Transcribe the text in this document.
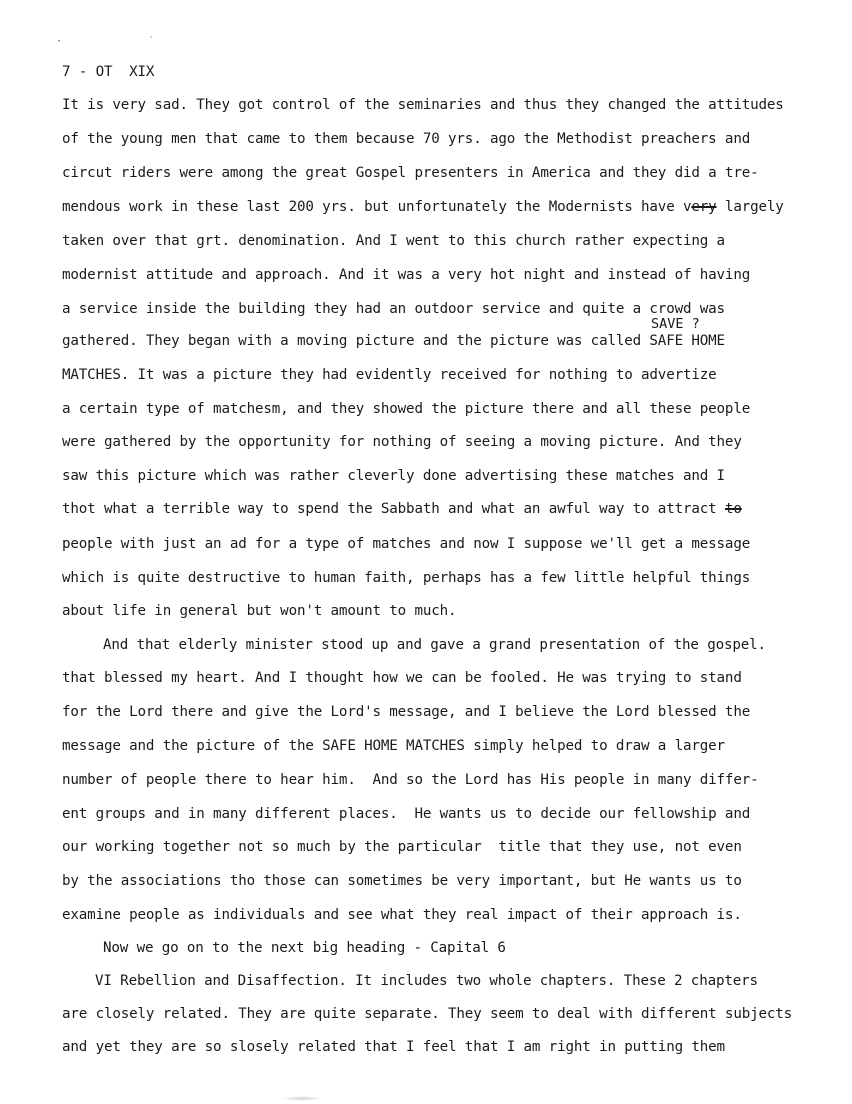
· ˙
7 - OT  XIX
It is very sad. They got control of the seminaries and thus they changed the attitudes
of the young men that came to them because 70 yrs. ago the Methodist preachers and
circut riders were among the great Gospel presenters in America and they did a tre-
mendous work in these last 200 yrs. but unfortunately the Modernists have very largely
taken over that grt. denomination. And I went to this church rather expecting a
modernist attitude and approach. And it was a very hot night and instead of having
a service inside the building they had an outdoor service and quite a crowd was
SAVE ?
gathered. They began with a moving picture and the picture was called SAFE HOME
MATCHES. It was a picture they had evidently received for nothing to advertize
a certain type of matchesm, and they showed the picture there and all these people
were gathered by the opportunity for nothing of seeing a moving picture. And they
saw this picture which was rather cleverly done advertising these matches and I
thot what a terrible way to spend the Sabbath and what an awful way to attract to
people with just an ad for a type of matches and now I suppose we'll get a message
which is quite destructive to human faith, perhaps has a few little helpful things
about life in general but won't amount to much.
And that elderly minister stood up and gave a grand presentation of the gospel.
that blessed my heart. And I thought how we can be fooled. He was trying to stand
for the Lord there and give the Lord's message, and I believe the Lord blessed the
message and the picture of the SAFE HOME MATCHES simply helped to draw a larger
number of people there to hear him.  And so the Lord has His people in many differ-
ent groups and in many different places.  He wants us to decide our fellowship and
our working together not so much by the particular  title that they use, not even
by the associations tho those can sometimes be very important, but He wants us to
examine people as individuals and see what they real impact of their approach is.
Now we go on to the next big heading - Capital 6
VI Rebellion and Disaffection. It includes two whole chapters. These 2 chapters
are closely related. They are quite separate. They seem to deal with different subjects
and yet they are so slosely related that I feel that I am right in putting them
